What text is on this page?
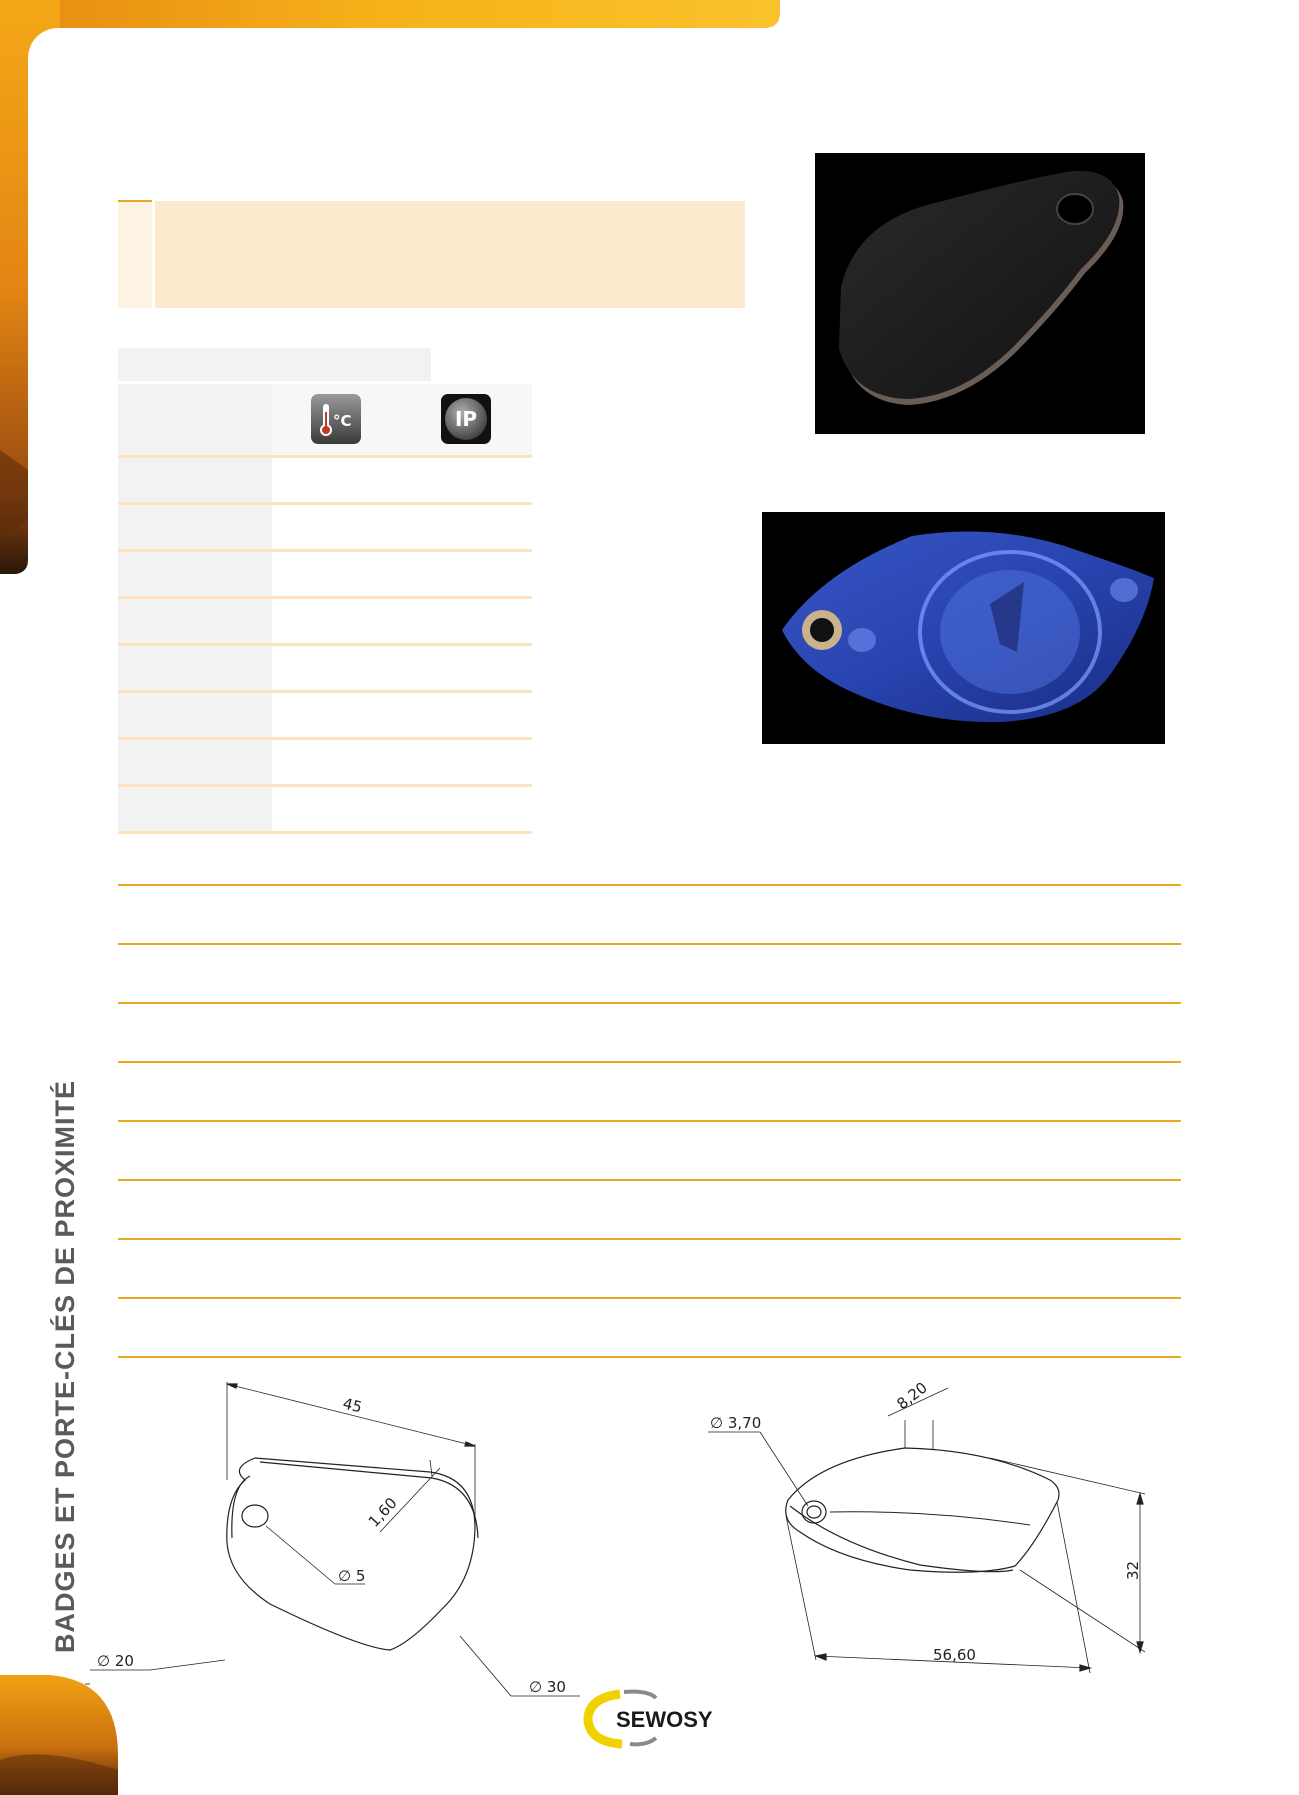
BADGES ET PORTE-CLÉS DE PROXIMITÉ
°C	IP
45
1,60
∅ 20
∅ 5
∅ 30
∅ 3,70
8,20
32
56,60
SEWOSY
